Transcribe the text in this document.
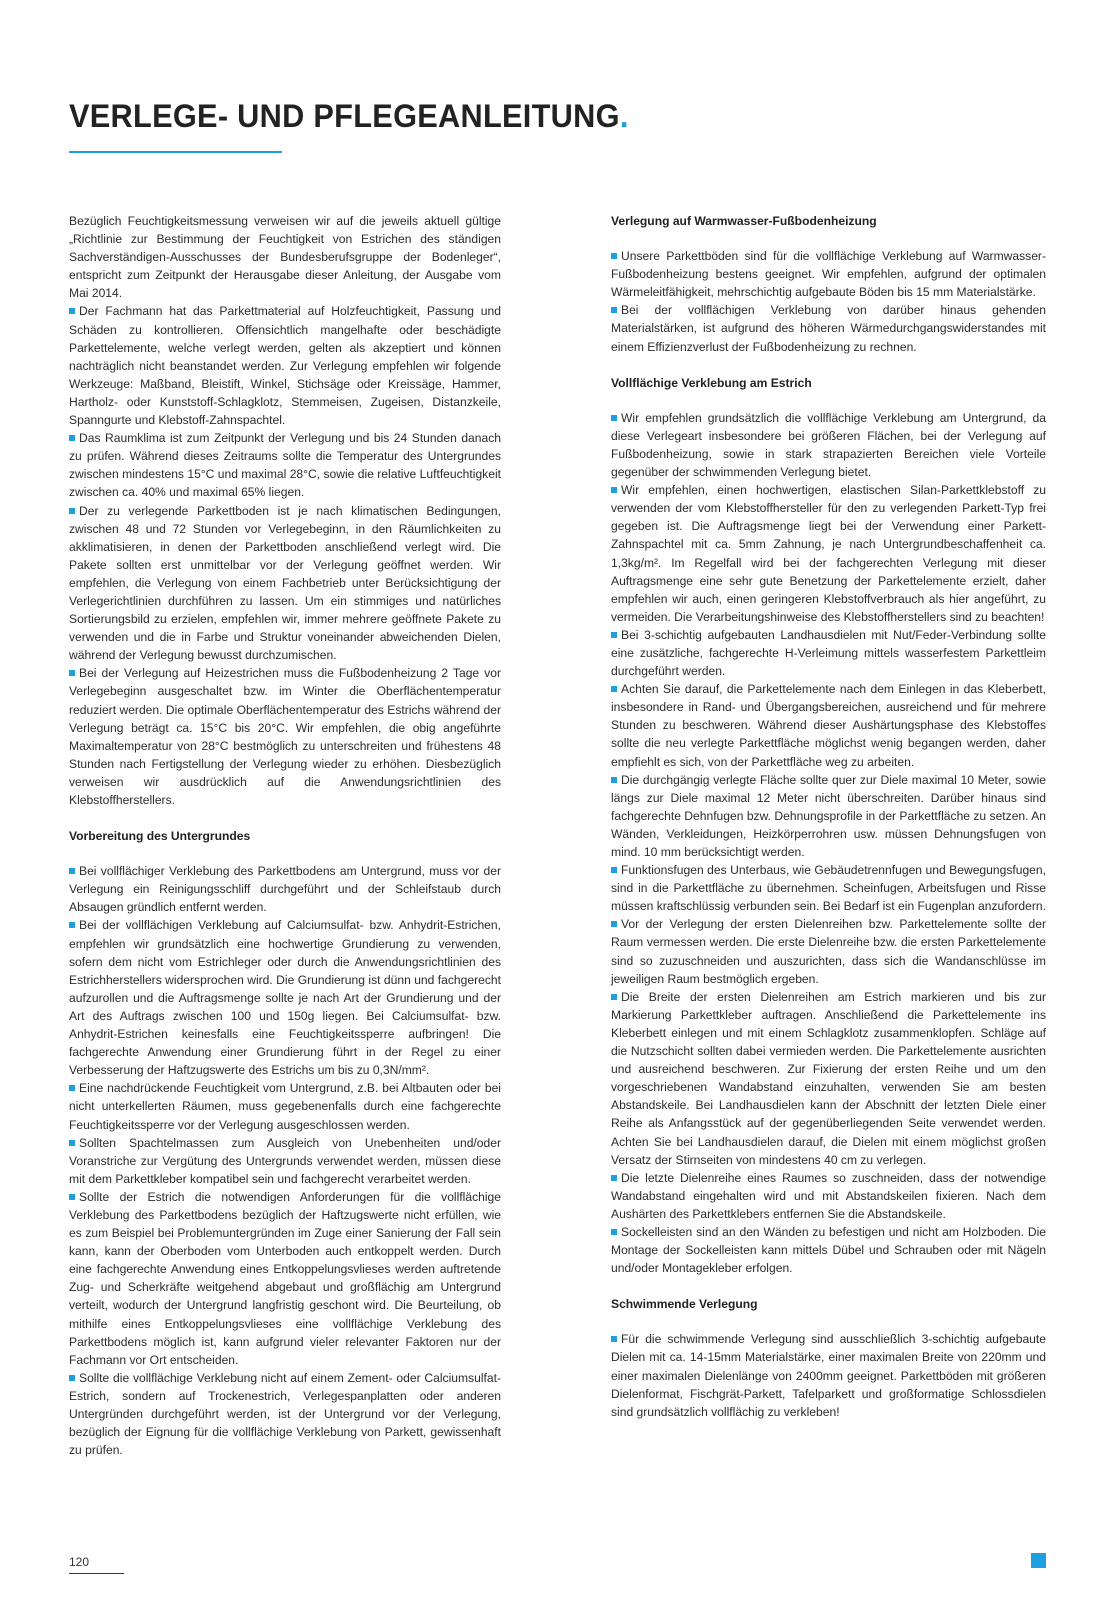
VERLEGE- UND PFLEGEANLEITUNG.

Bezüglich Feuchtigkeitsmessung verweisen wir auf die jeweils aktuell gültige „Richtlinie zur Bestimmung der Feuchtigkeit von Estrichen des ständigen Sachverständigen-Ausschusses der Bundesberufsgruppe der Bodenleger“, entspricht zum Zeitpunkt der Herausgabe dieser Anleitung, der Ausgabe vom Mai 2014.

Der Fachmann hat das Parkettmaterial auf Holzfeuchtigkeit, Passung und Schäden zu kontrollieren. Offensichtlich mangelhafte oder beschädigte Parkettelemente, welche verlegt werden, gelten als akzeptiert und können nachträglich nicht beanstandet werden. Zur Verlegung empfehlen wir folgende Werkzeuge: Maßband, Bleistift, Winkel, Stichsäge oder Kreissäge, Hammer, Hartholz- oder Kunststoff-Schlagklotz, Stemmeisen, Zugeisen, Distanzkeile, Spanngurte und Klebstoff-Zahnspachtel.

Das Raumklima ist zum Zeitpunkt der Verlegung und bis 24 Stunden danach zu prüfen. Während dieses Zeitraums sollte die Temperatur des Untergrundes zwischen mindestens 15°C und maximal 28°C, sowie die relative Luftfeuchtigkeit zwischen ca. 40% und maximal 65% liegen.

Der zu verlegende Parkettboden ist je nach klimatischen Bedingungen, zwischen 48 und 72 Stunden vor Verlegebeginn, in den Räumlichkeiten zu akklimatisieren, in denen der Parkettboden anschließend verlegt wird. Die Pakete sollten erst unmittelbar vor der Verlegung geöffnet werden. Wir empfehlen, die Verlegung von einem Fachbetrieb unter Berücksichtigung der Verlegerichtlinien durchführen zu lassen. Um ein stimmiges und natürliches Sortierungsbild zu erzielen, empfehlen wir, immer mehrere geöffnete Pakete zu verwenden und die in Farbe und Struktur voneinander abweichenden Dielen, während der Verlegung bewusst durchzumischen.

Bei der Verlegung auf Heizestrichen muss die Fußbodenheizung 2 Tage vor Verlegebeginn ausgeschaltet bzw. im Winter die Oberflächentemperatur reduziert werden. Die optimale Oberflächentemperatur des Estrichs während der Verlegung beträgt ca. 15°C bis 20°C. Wir empfehlen, die obig angeführte Maximaltemperatur von 28°C bestmöglich zu unterschreiten und frühestens 48 Stunden nach Fertigstellung der Verlegung wieder zu erhöhen. Diesbezüglich verweisen wir ausdrücklich auf die Anwendungsrichtlinien des Klebstoffherstellers.

Vorbereitung des Untergrundes

Bei vollflächiger Verklebung des Parkettbodens am Untergrund, muss vor der Verlegung ein Reinigungsschliff durchgeführt und der Schleifstaub durch Absaugen gründlich entfernt werden.

Bei der vollflächigen Verklebung auf Calciumsulfat- bzw. Anhydrit-Estrichen, empfehlen wir grundsätzlich eine hochwertige Grundierung zu verwenden, sofern dem nicht vom Estrichleger oder durch die Anwendungsrichtlinien des Estrichherstellers widersprochen wird. Die Grundierung ist dünn und fachgerecht aufzurollen und die Auftragsmenge sollte je nach Art der Grundierung und der Art des Auftrags zwischen 100 und 150g liegen. Bei Calciumsulfat- bzw. Anhydrit-Estrichen keinesfalls eine Feuchtigkeitssperre aufbringen! Die fachgerechte Anwendung einer Grundierung führt in der Regel zu einer Verbesserung der Haftzugswerte des Estrichs um bis zu 0,3N/mm².

Eine nachdrückende Feuchtigkeit vom Untergrund, z.B. bei Altbauten oder bei nicht unterkellerten Räumen, muss gegebenenfalls durch eine fachgerechte Feuchtigkeitssperre vor der Verlegung ausgeschlossen werden.

Sollten Spachtelmassen zum Ausgleich von Unebenheiten und/oder Voranstriche zur Vergütung des Untergrunds verwendet werden, müssen diese mit dem Parkettkleber kompatibel sein und fachgerecht verarbeitet werden.

Sollte der Estrich die notwendigen Anforderungen für die vollflächige Verklebung des Parkettbodens bezüglich der Haftzugswerte nicht erfüllen, wie es zum Beispiel bei Problemuntergründen im Zuge einer Sanierung der Fall sein kann, kann der Oberboden vom Unterboden auch entkoppelt werden. Durch eine fachgerechte Anwendung eines Entkoppelungsvlieses werden auftretende Zug- und Scherkräfte weitgehend abgebaut und großflächig am Untergrund verteilt, wodurch der Untergrund langfristig geschont wird. Die Beurteilung, ob mithilfe eines Entkoppelungsvlieses eine vollflächige Verklebung des Parkettbodens möglich ist, kann aufgrund vieler relevanter Faktoren nur der Fachmann vor Ort entscheiden.

Sollte die vollflächige Verklebung nicht auf einem Zement- oder Calciumsulfat-Estrich, sondern auf Trockenestrich, Verlegespanplatten oder anderen Untergründen durchgeführt werden, ist der Untergrund vor der Verlegung, bezüglich der Eignung für die vollflächige Verklebung von Parkett, gewissenhaft zu prüfen.

Verlegung auf Warmwasser-Fußbodenheizung

Unsere Parkettböden sind für die vollflächige Verklebung auf Warmwasser-Fußbodenheizung bestens geeignet. Wir empfehlen, aufgrund der optimalen Wärmeleitfähigkeit, mehrschichtig aufgebaute Böden bis 15 mm Materialstärke.

Bei der vollflächigen Verklebung von darüber hinaus gehenden Materialstärken, ist aufgrund des höheren Wärmedurchgangswiderstandes mit einem Effizienzverlust der Fußbodenheizung zu rechnen.

Vollflächige Verklebung am Estrich

Wir empfehlen grundsätzlich die vollflächige Verklebung am Untergrund, da diese Verlegeart insbesondere bei größeren Flächen, bei der Verlegung auf Fußbodenheizung, sowie in stark strapazierten Bereichen viele Vorteile gegenüber der schwimmenden Verlegung bietet.

Wir empfehlen, einen hochwertigen, elastischen Silan-Parkettklebstoff zu verwenden der vom Klebstoffhersteller für den zu verlegenden Parkett-Typ frei gegeben ist. Die Auftragsmenge liegt bei der Verwendung einer Parkett-Zahnspachtel mit ca. 5mm Zahnung, je nach Untergrundbeschaffenheit ca. 1,3kg/m². Im Regelfall wird bei der fachgerechten Verlegung mit dieser Auftragsmenge eine sehr gute Benetzung der Parkettelemente erzielt, daher empfehlen wir auch, einen geringeren Klebstoffverbrauch als hier angeführt, zu vermeiden. Die Verarbeitungshinweise des Klebstoffherstellers sind zu beachten!

Bei 3-schichtig aufgebauten Landhausdielen mit Nut/Feder-Verbindung sollte eine zusätzliche, fachgerechte H-Verleimung mittels wasserfestem Parkettleim durchgeführt werden.

Achten Sie darauf, die Parkettelemente nach dem Einlegen in das Kleberbett, insbesondere in Rand- und Übergangsbereichen, ausreichend und für mehrere Stunden zu beschweren. Während dieser Aushärtungsphase des Klebstoffes sollte die neu verlegte Parkettfläche möglichst wenig begangen werden, daher empfiehlt es sich, von der Parkettfläche weg zu arbeiten.

Die durchgängig verlegte Fläche sollte quer zur Diele maximal 10 Meter, sowie längs zur Diele maximal 12 Meter nicht überschreiten. Darüber hinaus sind fachgerechte Dehnfugen bzw. Dehnungsprofile in der Parkettfläche zu setzen. An Wänden, Verkleidungen, Heizkörperrohren usw. müssen Dehnungsfugen von mind. 10 mm berücksichtigt werden.

Funktionsfugen des Unterbaus, wie Gebäudetrennfugen und Bewegungsfugen, sind in die Parkettfläche zu übernehmen. Scheinfugen, Arbeitsfugen und Risse müssen kraftschlüssig verbunden sein. Bei Bedarf ist ein Fugenplan anzufordern.

Vor der Verlegung der ersten Dielenreihen bzw. Parkettelemente sollte der Raum vermessen werden. Die erste Dielenreihe bzw. die ersten Parkettelemente sind so zuzuschneiden und auszurichten, dass sich die Wandanschlüsse im jeweiligen Raum bestmöglich ergeben.

Die Breite der ersten Dielenreihen am Estrich markieren und bis zur Markierung Parkettkleber auftragen. Anschließend die Parkettelemente ins Kleberbett einlegen und mit einem Schlagklotz zusammenklopfen. Schläge auf die Nutzschicht sollten dabei vermieden werden. Die Parkettelemente ausrichten und ausreichend beschweren. Zur Fixierung der ersten Reihe und um den vorgeschriebenen Wandabstand einzuhalten, verwenden Sie am besten Abstandskeile. Bei Landhausdielen kann der Abschnitt der letzten Diele einer Reihe als Anfangsstück auf der gegenüberliegenden Seite verwendet werden. Achten Sie bei Landhausdielen darauf, die Dielen mit einem möglichst großen Versatz der Stirnseiten von mindestens 40 cm zu verlegen.

Die letzte Dielenreihe eines Raumes so zuschneiden, dass der notwendige Wandabstand eingehalten wird und mit Abstandskeilen fixieren. Nach dem Aushärten des Parkettklebers entfernen Sie die Abstandskeile.

Sockelleisten sind an den Wänden zu befestigen und nicht am Holzboden. Die Montage der Sockelleisten kann mittels Dübel und Schrauben oder mit Nägeln und/oder Montagekleber erfolgen.

Schwimmende Verlegung

Für die schwimmende Verlegung sind ausschließlich 3-schichtig aufgebaute Dielen mit ca. 14-15mm Materialstärke, einer maximalen Breite von 220mm und einer maximalen Dielenlänge von 2400mm geeignet. Parkettböden mit größeren Dielenformat, Fischgrät-Parkett, Tafelparkett und großformatige Schlossdielen sind grundsätzlich vollflächig zu verkleben!

120
